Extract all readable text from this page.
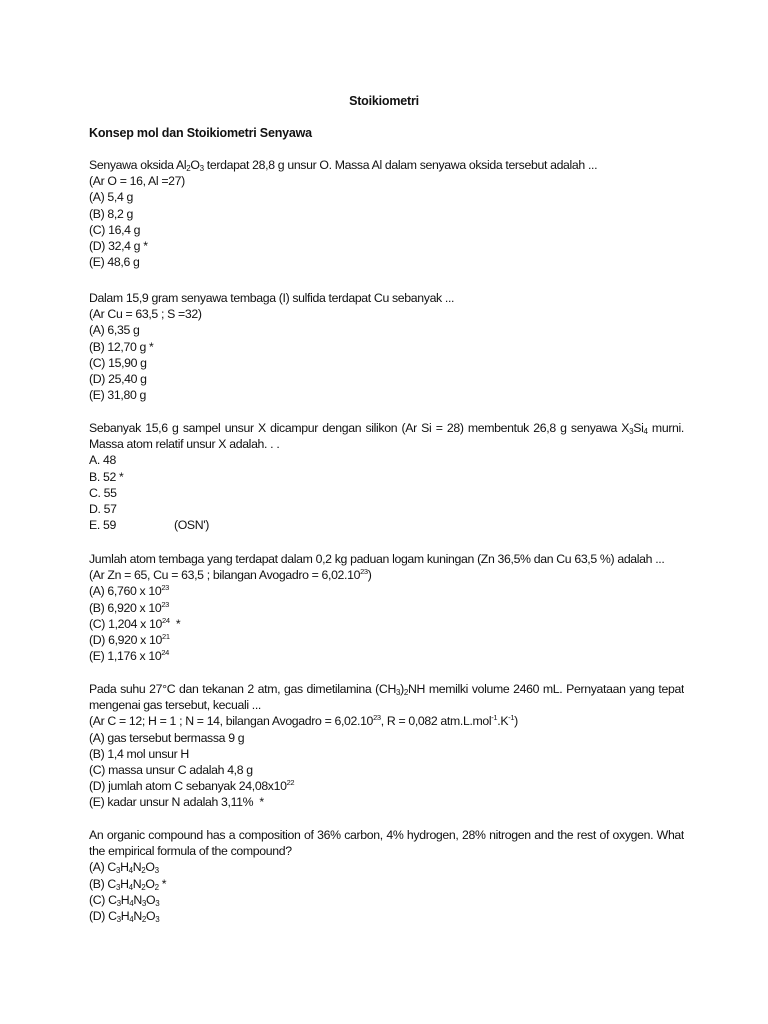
Stoikiometri
Konsep mol dan Stoikiometri Senyawa
Senyawa oksida $Al_2O_3$ terdapat 28,8 g unsur O. Massa Al dalam senyawa oksida tersebut adalah ...
(Ar O = 16, Al =27)
(A) 5,4 g
(B) 8,2 g
(C) 16,4 g
(D) 32,4 g *
(E) 48,6 g
Dalam 15,9 gram senyawa tembaga (I) sulfida terdapat Cu sebanyak ...
(Ar Cu = 63,5 ; S =32)
(A) 6,35 g
(B) 12,70 g *
(C) 15,90 g
(D) 25,40 g
(E) 31,80 g
Sebanyak 15,6 g sampel unsur X dicampur dengan silikon (Ar Si = 28) membentuk 26,8 g senyawa $X_3Si_4$ murni.
Massa atom relatif unsur X adalah. . .
A. 48
B. 52 *
C. 55
D. 57
E. 59	(OSN')
Jumlah atom tembaga yang terdapat dalam 0,2 kg paduan logam kuningan (Zn 36,5% dan Cu 63,5 %) adalah ...
(Ar Zn = 65, Cu = 63,5 ; bilangan Avogadro = $6,02.10^{23}$)
(A) 6,760 x $10^{23}$
(B) 6,920 x $10^{23}$
(C) 1,204 x $10^{24}$  *
(D) 6,920 x $10^{21}$
(E) 1,176 x $10^{24}$
Pada suhu 27°C dan tekanan 2 atm, gas dimetilamina $(CH_3)_2NH$ memilki volume 2460 mL. Pernyataan yang tepat
mengenai gas tersebut, kecuali ...
(Ar C = 12; H = 1 ; N = 14, bilangan Avogadro = $6,02.10^{23}$, R = 0,082 $atm.L.mol^{-1}.K^{-1}$)
(A) gas tersebut bermassa 9 g
(B) 1,4 mol unsur H
(C) massa unsur C adalah 4,8 g
(D) jumlah atom C sebanyak $24,08x10^{22}$
(E) kadar unsur N adalah 3,11%  *
An organic compound has a composition of 36% carbon, 4% hydrogen, 28% nitrogen and the rest of oxygen. What
the empirical formula of the compound?
(A) $C_3H_4N_2O_3$
(B) $C_3H_4N_2O_2$ *
(C) $C_3H_4N_3O_3$
(D) $C_3H_4N_2O_3$
